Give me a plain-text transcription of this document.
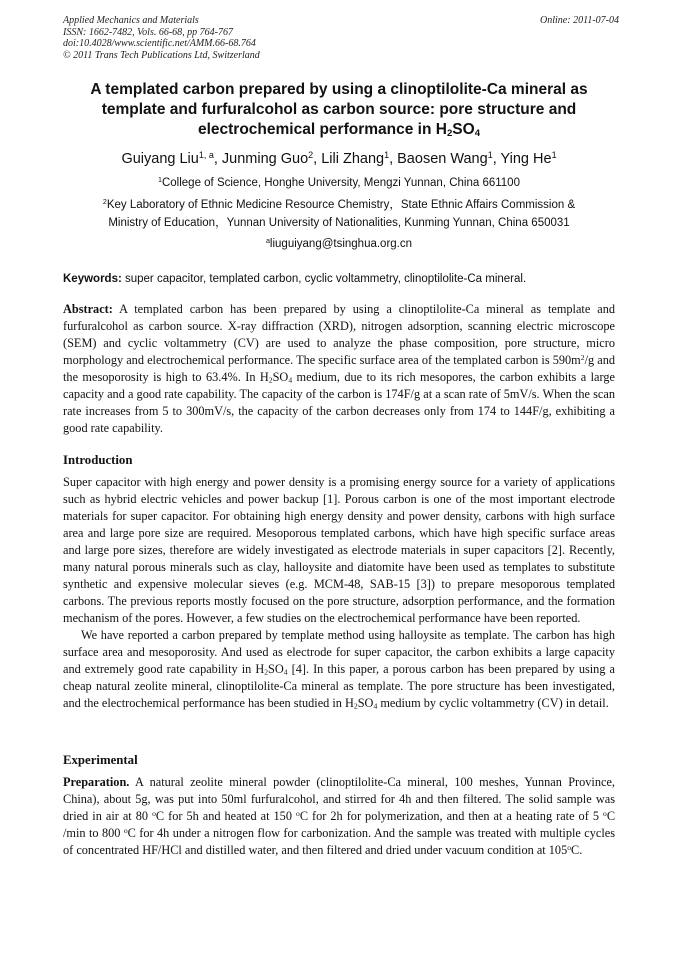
Applied Mechanics and Materials
ISSN: 1662-7482, Vols. 66-68, pp 764-767
doi:10.4028/www.scientific.net/AMM.66-68.764
© 2011 Trans Tech Publications Ltd, Switzerland
Online: 2011-07-04
A templated carbon prepared by using a clinoptilolite-Ca mineral as
template and furfuralcohol as carbon source: pore structure and
electrochemical performance in $H_2SO_4$
Guiyang Liu$^{1, a}$, Junming Guo$^2$, Lili Zhang$^1$, Baosen Wang$^1$, Ying He$^1$
$^1$College of Science, Honghe University, Mengzi Yunnan, China 661100
$^2$Key Laboratory of Ethnic Medicine Resource Chemistry，State Ethnic Affairs Commission &
Ministry of Education，Yunnan University of Nationalities, Kunming Yunnan, China 650031
$^a$liuguiyang@tsinghua.org.cn
Keywords: super capacitor, templated carbon, cyclic voltammetry, clinoptilolite-Ca mineral.

Abstract: A templated carbon has been prepared by using a clinoptilolite-Ca mineral as template and furfuralcohol as carbon source. X-ray diffraction (XRD), nitrogen adsorption, scanning electric microscope (SEM) and cyclic voltammetry (CV) are used to analyze the phase composition, pore structure, micro morphology and electrochemical performance. The specific surface area of the templated carbon is $590m^2/g$ and the mesoporosity is high to 63.4%. In $H_2SO_4$ medium, due to its rich mesopores, the carbon exhibits a large capacity and a good rate capability. The capacity of the carbon is 174F/g at a scan rate of 5mV/s. When the scan rate increases from 5 to 300mV/s, the capacity of the carbon decreases only from 174 to 144F/g, exhibiting a good rate capability.

Introduction

Super capacitor with high energy and power density is a promising energy source for a variety of applications such as hybrid electric vehicles and power backup [1]. Porous carbon is one of the most important electrode materials for super capacitor. For obtaining high energy density and power density, carbons with high surface area and large pore size are required. Mesoporous templated carbons, which have high specific surface areas and large pore sizes, therefore are widely investigated as electrode materials in super capacitors [2]. Recently, many natural porous minerals such as clay, halloysite and diatomite have been used as templates to substitute synthetic and expensive molecular sieves (e.g. MCM-48, SAB-15 [3]) to prepare mesoporous templated carbons. The previous reports mostly focused on the pore structure, adsorption performance, and the formation mechanism of the pores. However, a few studies on the electrochemical performance have been reported.

We have reported a carbon prepared by template method using halloysite as template. The carbon has high surface area and mesoporosity. And used as electrode for super capacitor, the carbon exhibits a large capacity and extremely good rate capability in $H_2SO_4$ [4]. In this paper, a porous carbon has been prepared by using a cheap natural zeolite mineral, clinoptilolite-Ca mineral as template. The pore structure has been investigated, and the electrochemical performance has been studied in $H_2SO_4$ medium by cyclic voltammetry (CV) in detail.

Experimental

Preparation. A natural zeolite mineral powder (clinoptilolite-Ca mineral, 100 meshes, Yunnan Province, China), about 5g, was put into 50ml furfuralcohol, and stirred for 4h and then filtered. The solid sample was dried in air at 80 $^o$C for 5h and heated at 150 $^o$C for 2h for polymerization, and then at a heating rate of 5 $^o$C /min to 800 $^o$C for 4h under a nitrogen flow for carbonization. And the sample was treated with multiple cycles of concentrated HF/HCl and distilled water, and then filtered and dried under vacuum condition at 105$^o$C.
